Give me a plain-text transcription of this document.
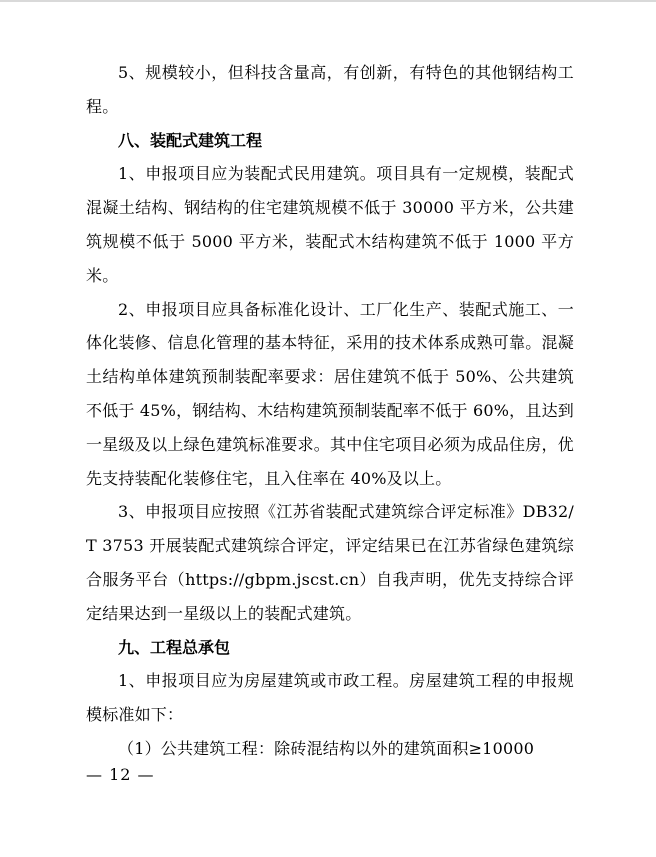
5、规模较小，但科技含量高，有创新，有特色的其他钢结构工程。

八、装配式建筑工程

1、申报项目应为装配式民用建筑。项目具有一定规模，装配式混凝土结构、钢结构的住宅建筑规模不低于 30000 平方米，公共建筑规模不低于 5000 平方米，装配式木结构建筑不低于 1000 平方米。

2、申报项目应具备标准化设计、工厂化生产、装配式施工、一体化装修、信息化管理的基本特征，采用的技术体系成熟可靠。混凝土结构单体建筑预制装配率要求：居住建筑不低于 50%、公共建筑不低于 45%，钢结构、木结构建筑预制装配率不低于 60%，且达到一星级及以上绿色建筑标准要求。其中住宅项目必须为成品住房，优先支持装配化装修住宅，且入住率在 40%及以上。

3、申报项目应按照《江苏省装配式建筑综合评定标准》DB32/T 3753 开展装配式建筑综合评定，评定结果已在江苏省绿色建筑综合服务平台（https://gbpm.jscst.cn）自我声明，优先支持综合评定结果达到一星级以上的装配式建筑。

九、工程总承包

1、申报项目应为房屋建筑或市政工程。房屋建筑工程的申报规模标准如下：

（1）公共建筑工程：除砖混结构以外的建筑面积≥10000

— 12 —
